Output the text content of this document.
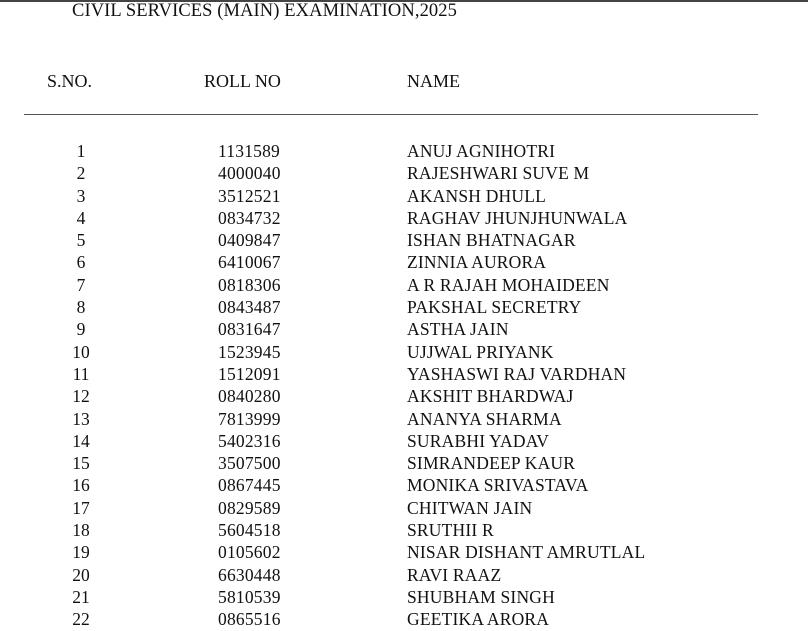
CIVIL SERVICES (MAIN) EXAMINATION,2025
S.NO.	ROLL NO	NAME
1	1131589	ANUJ AGNIHOTRI
2	4000040	RAJESHWARI SUVE M
3	3512521	AKANSH DHULL
4	0834732	RAGHAV JHUNJHUNWALA
5	0409847	ISHAN BHATNAGAR
6	6410067	ZINNIA AURORA
7	0818306	A R RAJAH MOHAIDEEN
8	0843487	PAKSHAL SECRETRY
9	0831647	ASTHA JAIN
10	1523945	UJJWAL PRIYANK
11	1512091	YASHASWI RAJ VARDHAN
12	0840280	AKSHIT BHARDWAJ
13	7813999	ANANYA SHARMA
14	5402316	SURABHI YADAV
15	3507500	SIMRANDEEP KAUR
16	0867445	MONIKA SRIVASTAVA
17	0829589	CHITWAN JAIN
18	5604518	SRUTHII R
19	0105602	NISAR DISHANT AMRUTLAL
20	6630448	RAVI RAAZ
21	5810539	SHUBHAM SINGH
22	0865516	GEETIKA ARORA
